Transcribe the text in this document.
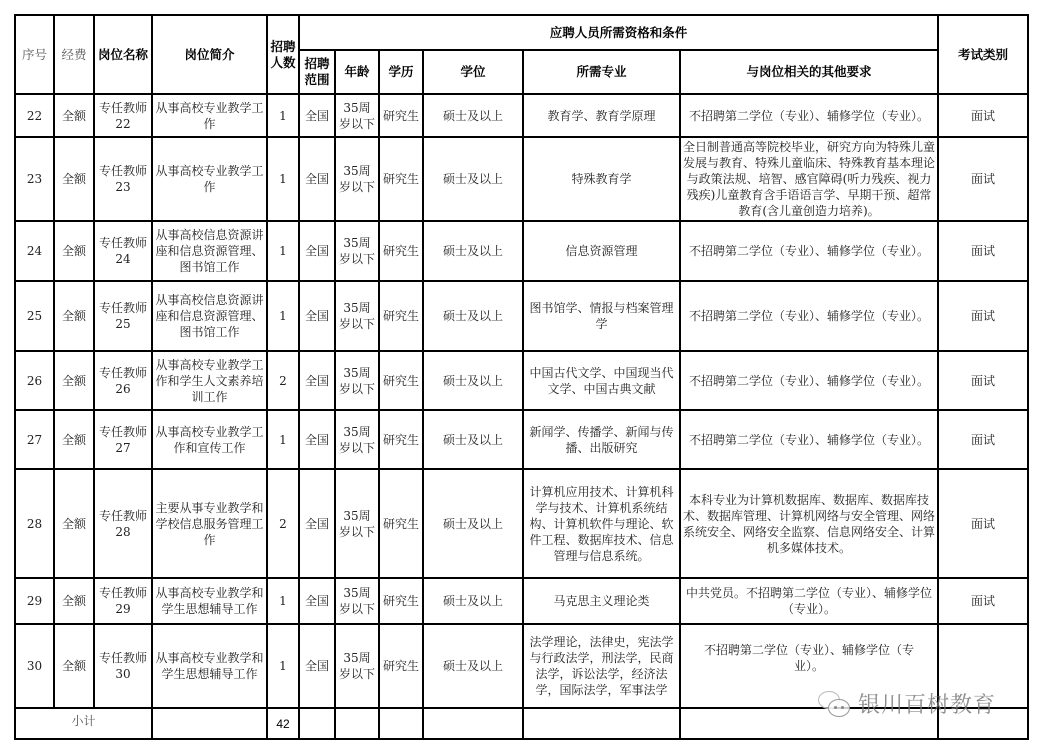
序号	经费	岗位名称	岗位简介	招聘人数	应聘人员所需资格和条件						考试类别
					招聘范围	年龄	学历	学位	所需专业	与岗位相关的其他要求	
22	全额	专任教师22	从事高校专业教学工作	1	全国	35周岁以下	研究生	硕士及以上	教育学、教育学原理	不招聘第二学位（专业）、辅修学位（专业）。	面试
23	全额	专任教师23	从事高校专业教学工作	1	全国	35周岁以下	研究生	硕士及以上	特殊教育学	全日制普通高等院校毕业，研究方向为特殊儿童发展与教育、特殊儿童临床、特殊教育基本理论与政策法规、培智、感官障碍(听力残疾、视力残疾)儿童教育含手语语言学、早期干预、超常教育(含儿童创造力培养)。	面试
24	全额	专任教师24	从事高校信息资源讲座和信息资源管理、图书馆工作	1	全国	35周岁以下	研究生	硕士及以上	信息资源管理	不招聘第二学位（专业）、辅修学位（专业）。	面试
25	全额	专任教师25	从事高校信息资源讲座和信息资源管理、图书馆工作	1	全国	35周岁以下	研究生	硕士及以上	图书馆学、情报与档案管理学	不招聘第二学位（专业）、辅修学位（专业）。	面试
26	全额	专任教师26	从事高校专业教学工作和学生人文素养培训工作	2	全国	35周岁以下	研究生	硕士及以上	中国古代文学、中国现当代文学、中国古典文献	不招聘第二学位（专业）、辅修学位（专业）。	面试
27	全额	专任教师27	从事高校专业教学工作和宣传工作	1	全国	35周岁以下	研究生	硕士及以上	新闻学、传播学、新闻与传播、出版研究	不招聘第二学位（专业）、辅修学位（专业）。	面试
28	全额	专任教师28	主要从事专业教学和学校信息服务管理工作	2	全国	35周岁以下	研究生	硕士及以上	计算机应用技术、计算机科学与技术、计算机系统结构、计算机软件与理论、软件工程、数据库技术、信息管理与信息系统。	本科专业为计算机数据库、数据库、数据库技术、数据库管理、计算机网络与安全管理、网络系统安全、网络安全监察、信息网络安全、计算机多媒体技术。	面试
29	全额	专任教师29	从事高校专业教学和学生思想辅导工作	1	全国	35周岁以下	研究生	硕士及以上	马克思主义理论类	中共党员。不招聘第二学位（专业）、辅修学位（专业）。	面试
30	全额	专任教师30	从事高校专业教学和学生思想辅导工作	1	全国	35周岁以下	研究生	硕士及以上	法学理论，法律史，宪法学与行政法学，刑法学，民商法学，诉讼法学，经济法学，国际法学，军事法学	不招聘第二学位（专业）、辅修学位（专业）。	
小计				42							
银川百树教育
